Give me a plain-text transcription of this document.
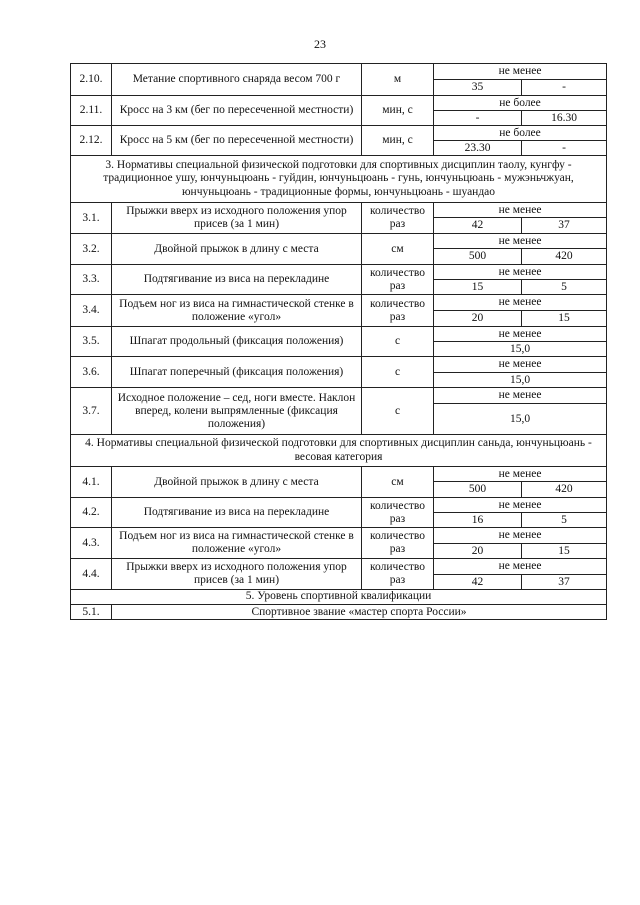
23
2.10.	Метание спортивного снаряда весом 700 г	м	не менее	
			35	-
2.11.	Кросс на 3 км (бег по пересеченной местности)	мин, с	не более	
			-	16.30
2.12.	Кросс на 5 км (бег по пересеченной местности)	мин, с	не более	
			23.30	-
3. Нормативы специальной физической подготовки для спортивных дисциплин таолу, кунгфу - традиционное ушу, юнчуньцюань - гуйдин, юнчуньцюань - гунь, юнчуньцюань - мужэньчжуан, юнчуньцюань - традиционные формы, юнчуньцюань - шуандао				
3.1.	Прыжки вверх из исходного положения упор присев (за 1 мин)	количество раз	не менее	
			42	37
3.2.	Двойной прыжок в длину с места	см	не менее	
			500	420
3.3.	Подтягивание из виса на перекладине	количество раз	не менее	
			15	5
3.4.	Подъем ног из виса на гимнастической стенке в положение «угол»	количество раз	не менее	
			20	15
3.5.	Шпагат продольный (фиксация положения)	с	не менее	
			15,0	
3.6.	Шпагат поперечный (фиксация положения)	с	не менее	
			15,0	
3.7.	Исходное положение – сед, ноги вместе. Наклон вперед, колени выпрямленные (фиксация положения)	с	не менее	
			15,0	
4. Нормативы специальной физической подготовки для спортивных дисциплин саньда, юнчуньцюань - весовая категория				
4.1.	Двойной прыжок в длину с места	см	не менее	
			500	420
4.2.	Подтягивание из виса на перекладине	количество раз	не менее	
			16	5
4.3.	Подъем ног из виса на гимнастической стенке в положение «угол»	количество раз	не менее	
			20	15
4.4.	Прыжки вверх из исходного положения упор присев (за 1 мин)	количество раз	не менее	
			42	37
5. Уровень спортивной квалификации				
5.1.	Спортивное звание «мастер спорта России»			
